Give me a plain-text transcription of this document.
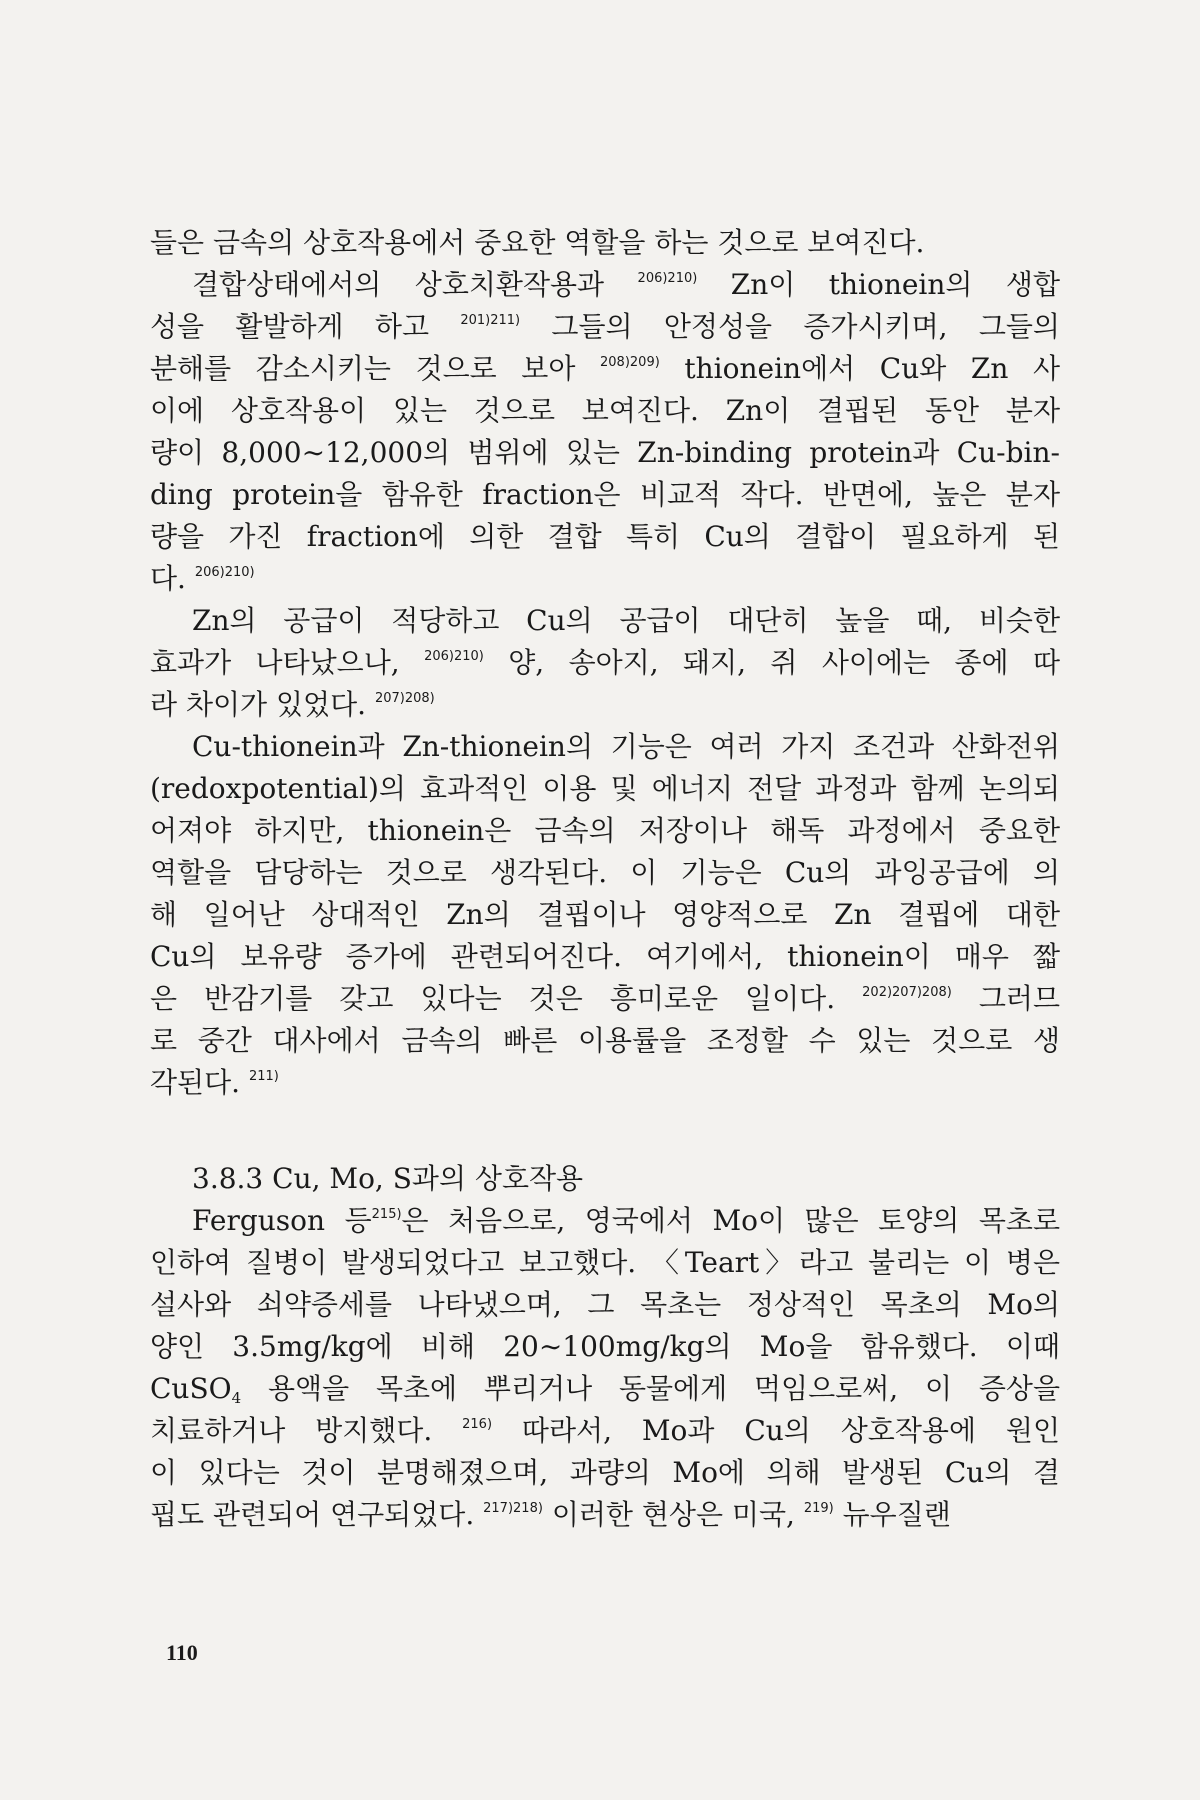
들은 금속의 상호작용에서 중요한 역할을 하는 것으로 보여진다.
결합상태에서의 상호치환작용과 $^{206)210)}$ Zn이 thionein의 생합
성을 활발하게 하고 $^{201)211)}$ 그들의 안정성을 증가시키며, 그들의
분해를 감소시키는 것으로 보아 $^{208)209)}$ thionein에서 Cu와 Zn 사
이에 상호작용이 있는 것으로 보여진다. Zn이 결핍된 동안 분자
량이 8,000∼12,000의 범위에 있는 Zn-binding protein과 Cu-bin-
ding protein을 함유한 fraction은 비교적 작다. 반면에, 높은 분자
량을 가진 fraction에 의한 결합 특히 Cu의 결합이 필요하게 된
다. $^{206)210)}$
Zn의 공급이 적당하고 Cu의 공급이 대단히 높을 때, 비슷한
효과가 나타났으나, $^{206)210)}$ 양, 송아지, 돼지, 쥐 사이에는 종에 따
라 차이가 있었다. $^{207)208)}$
Cu-thionein과 Zn-thionein의 기능은 여러 가지 조건과 산화전위
(redoxpotential)의 효과적인 이용 및 에너지 전달 과정과 함께 논의되
어져야 하지만, thionein은 금속의 저장이나 해독 과정에서 중요한
역할을 담당하는 것으로 생각된다. 이 기능은 Cu의 과잉공급에 의
해 일어난 상대적인 Zn의 결핍이나 영양적으로 Zn 결핍에 대한
Cu의 보유량 증가에 관련되어진다. 여기에서, thionein이 매우 짧
은 반감기를 갖고 있다는 것은 흥미로운 일이다. $^{202)207)208)}$ 그러므
로 중간 대사에서 금속의 빠른 이용률을 조정할 수 있는 것으로 생
각된다. $^{211)}$
3.8.3 Cu, Mo, S과의 상호작용
Ferguson 등$^{215)}$은 처음으로, 영국에서 Mo이 많은 토양의 목초로
인하여 질병이 발생되었다고 보고했다. 〈Teart〉라고 불리는 이 병은
설사와 쇠약증세를 나타냈으며, 그 목초는 정상적인 목초의 Mo의
양인 3.5mg/kg에 비해 20∼100mg/kg의 Mo을 함유했다. 이때
CuSO$_4$ 용액을 목초에 뿌리거나 동물에게 먹임으로써, 이 증상을
치료하거나 방지했다. $^{216)}$ 따라서, Mo과 Cu의 상호작용에 원인
이 있다는 것이 분명해졌으며, 과량의 Mo에 의해 발생된 Cu의 결
핍도 관련되어 연구되었다. $^{217)218)}$ 이러한 현상은 미국, $^{219)}$ 뉴우질랜
110
